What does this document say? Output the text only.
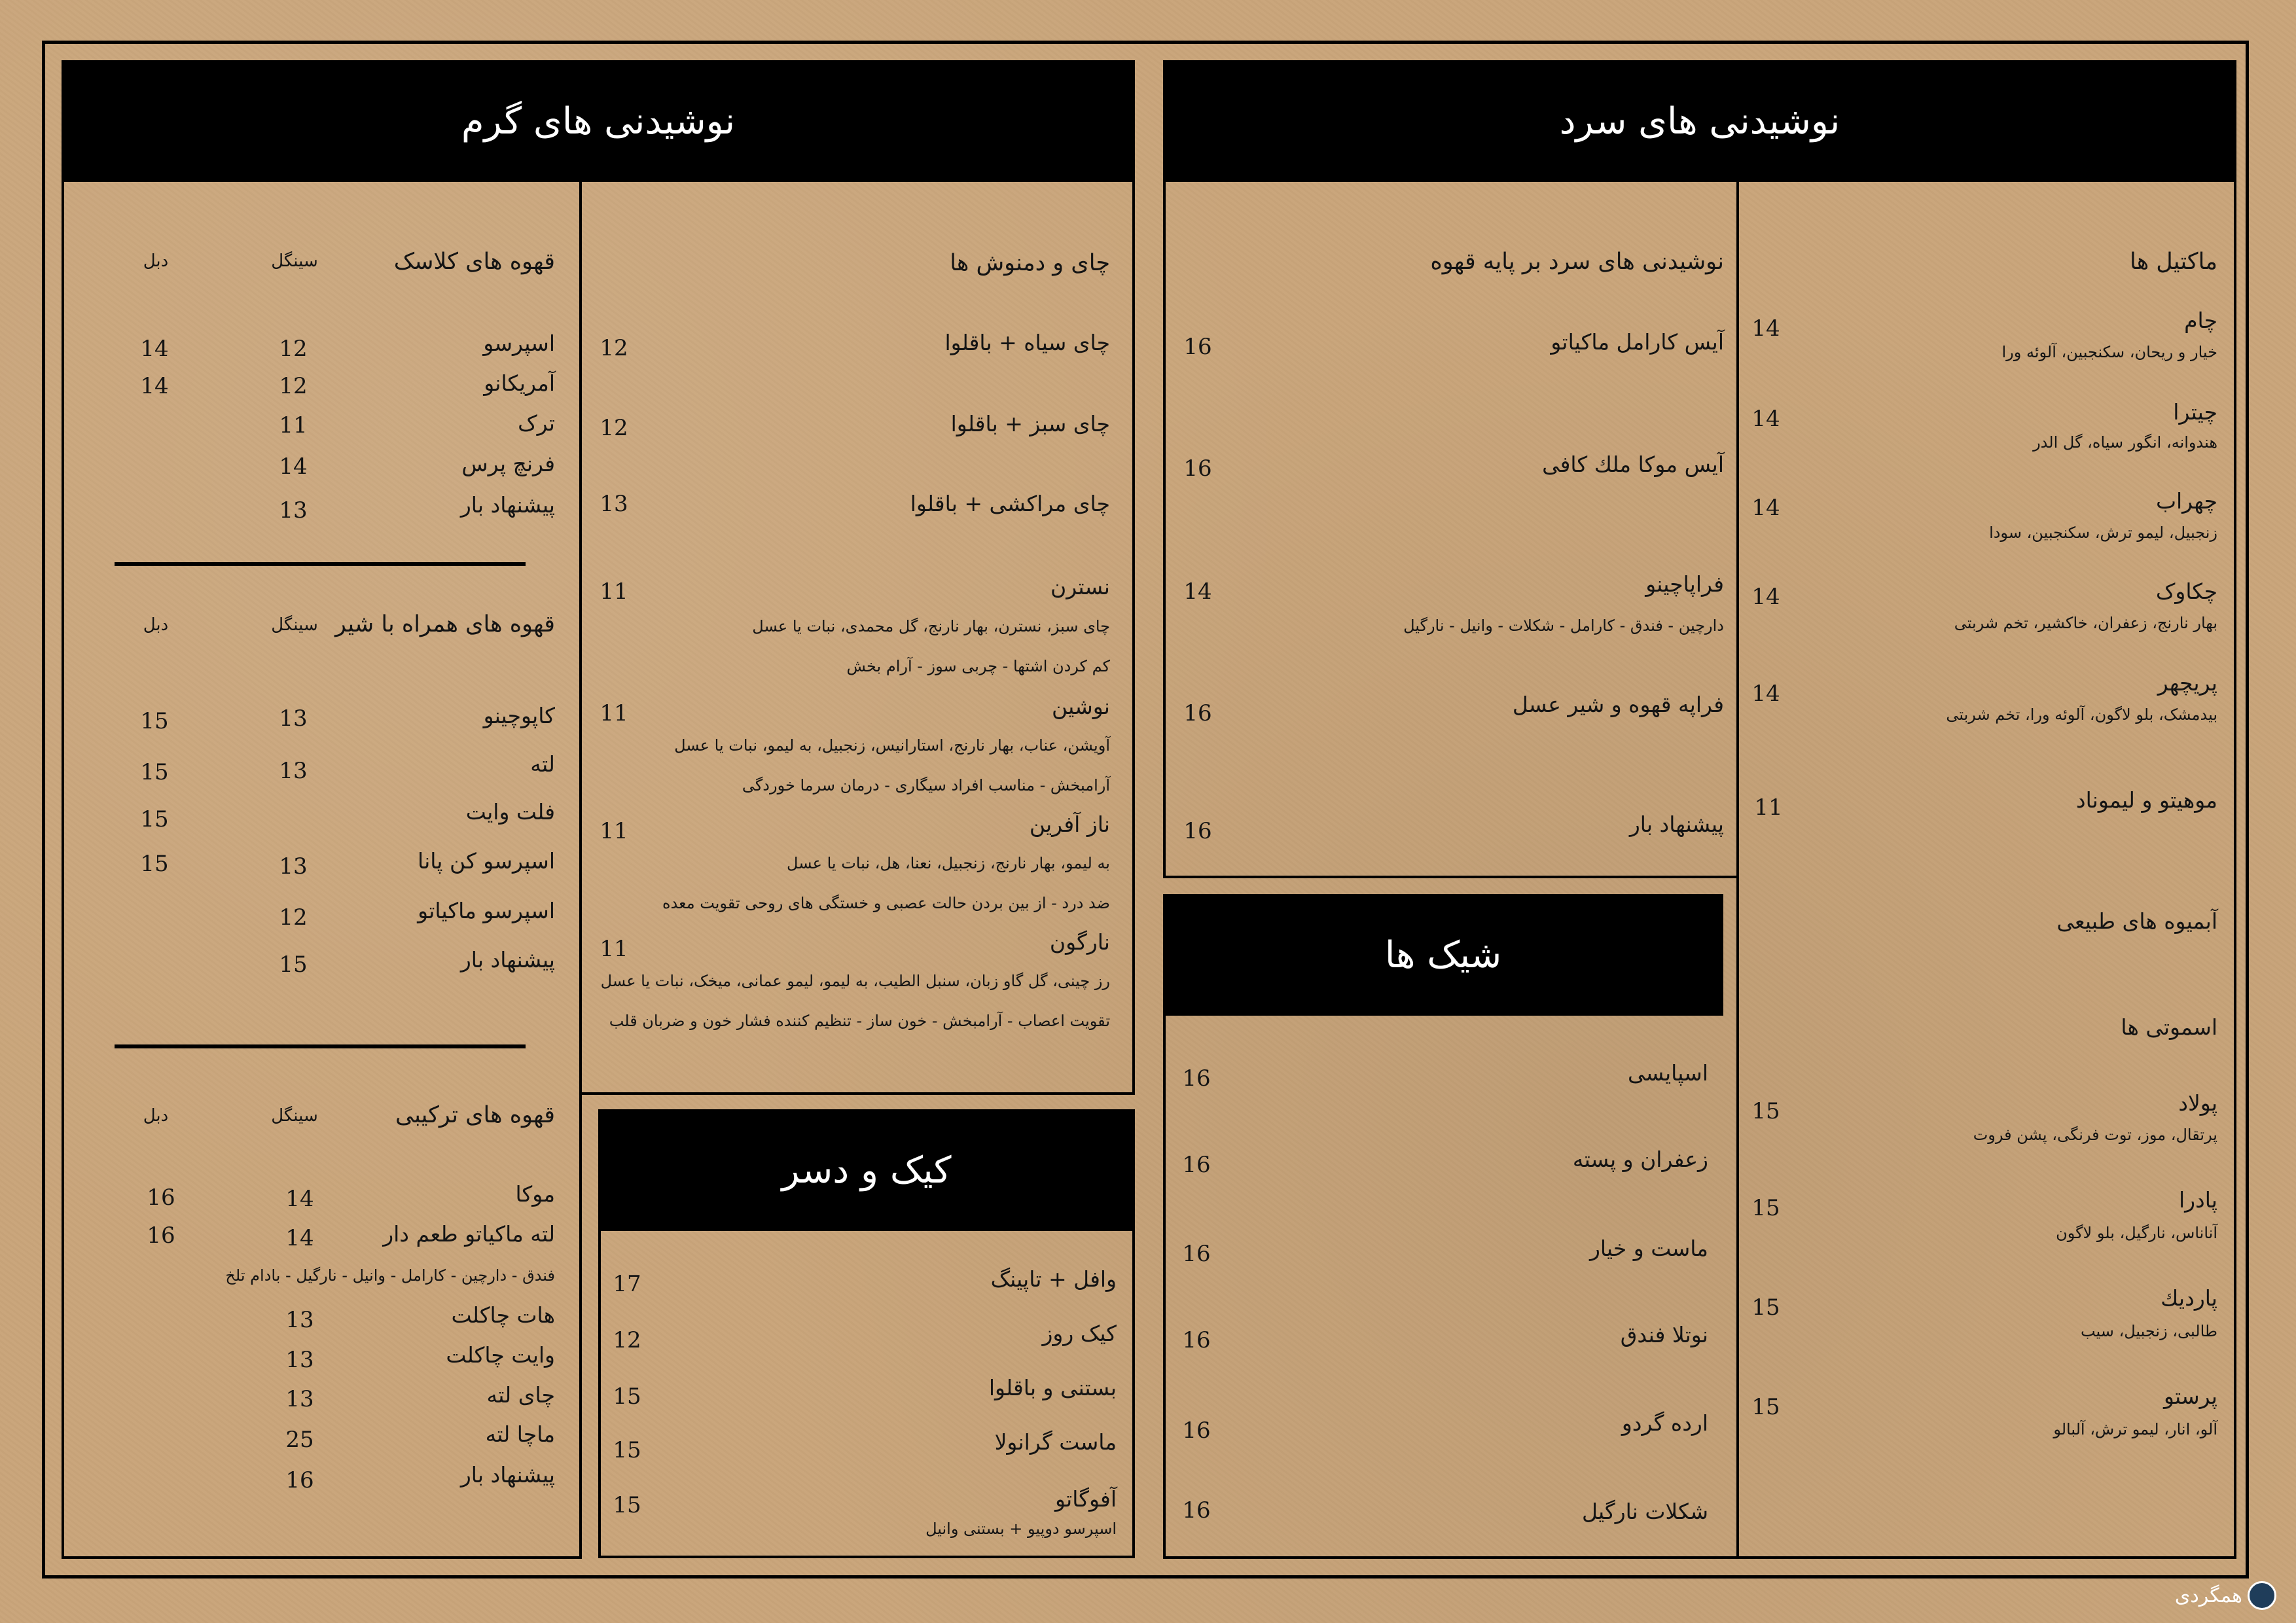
نوشیدنی های گرم
قهوه های کلاسک
سینگل
دبل
اسپرسو
12
14
آمریکانو
12
14
ترک
11
فرنچ پرس
14
پیشنهاد بار
13
قهوه های همراه با شیر
سینگل
دبل
کاپوچینو
13
15
لته
13
15
فلت وایت
15
اسپرسو کن پانا
13
15
اسپرسو ماکیاتو
12
پیشنهاد بار
15
قهوه های ترکیبی
سینگل
دبل
موکا
14
16
لته ماکیاتو طعم دار
14
16
فندق - دارچین - کارامل - وانیل - نارگیل - بادام تلخ
هات چاکلت
13
وایت چاکلت
13
چای لته
13
ماچا لته
25
پیشنهاد بار
16
چای و دمنوش ها
چای سیاه + باقلوا
12
چای سبز + باقلوا
12
چای مراکشی + باقلوا
13
نسترن
11
چای سبز، نسترن، بهار نارنج، گل محمدی، نبات یا عسل
کم کردن اشتها - چربی سوز - آرام بخش
نوشین
11
آویشن، عناب، بهار نارنج، استارانیس، زنجبیل، به لیمو، نبات یا عسل
آرامبخش - مناسب افراد سیگاری - درمان سرما خوردگی
ناز آفرین
11
به لیمو، بهار نارنج، زنجبیل، نعنا، هل، نبات یا عسل
ضد درد - از بین بردن حالت عصبی و خستگی های روحی تقویت معده
نارگون
11
رز چینی، گل گاو زبان، سنبل الطیب، به لیمو، لیمو عمانی، میخک، نبات یا عسل
تقویت اعصاب - آرامبخش - خون ساز - تنظیم کننده فشار خون و ضربان قلب
کیک و دسر
وافل + تاپینگ
17
کیک روز
12
بستنی و باقلوا
15
ماست گرانولا
15
آفوگاتو
15
اسپرسو دوپیو + بستنی وانیل
نوشیدنی های سرد
نوشیدنی های سرد بر پایه قهوه
آیس کارامل ماکیاتو
16
آیس موکا ملك كافی
16
فراپاچینو
14
دارچین - فندق - کارامل - شکلات - وانیل - نارگیل
فراپه قهوه و شیر عسل
16
پیشنهاد بار
16
شیک ها
اسپایسی
16
زعفران و پسته
16
ماست و خیار
16
نوتلا فندق
16
ارده گردو
16
شکلات نارگیل
16
ماکتیل ها
چام
خیار و ریحان، سکنجبین، آلوئه ورا
14
چیترا
هندوانه، انگور سیاه، گل الدر
14
چهراب
زنجبیل، لیمو ترش، سکنجبین، سودا
14
چکاوک
بهار نارنج، زعفران، خاکشیر، تخم شربتی
14
پریچهر
بیدمشک، بلو لاگون، آلوئه ورا، تخم شربتی
14
موهیتو و لیموناد
11
آبمیوه های طبیعی
اسموتی ها
پولاد
پرتقال، موز، توت فرنگی، پشن فروت
15
پادرا
آناناس، نارگیل، بلو لاگون
15
پاردیك
طالبی، زنجبیل، سیب
15
پرستو
آلو، انار، لیمو ترش، آلبالو
15
همگردی
